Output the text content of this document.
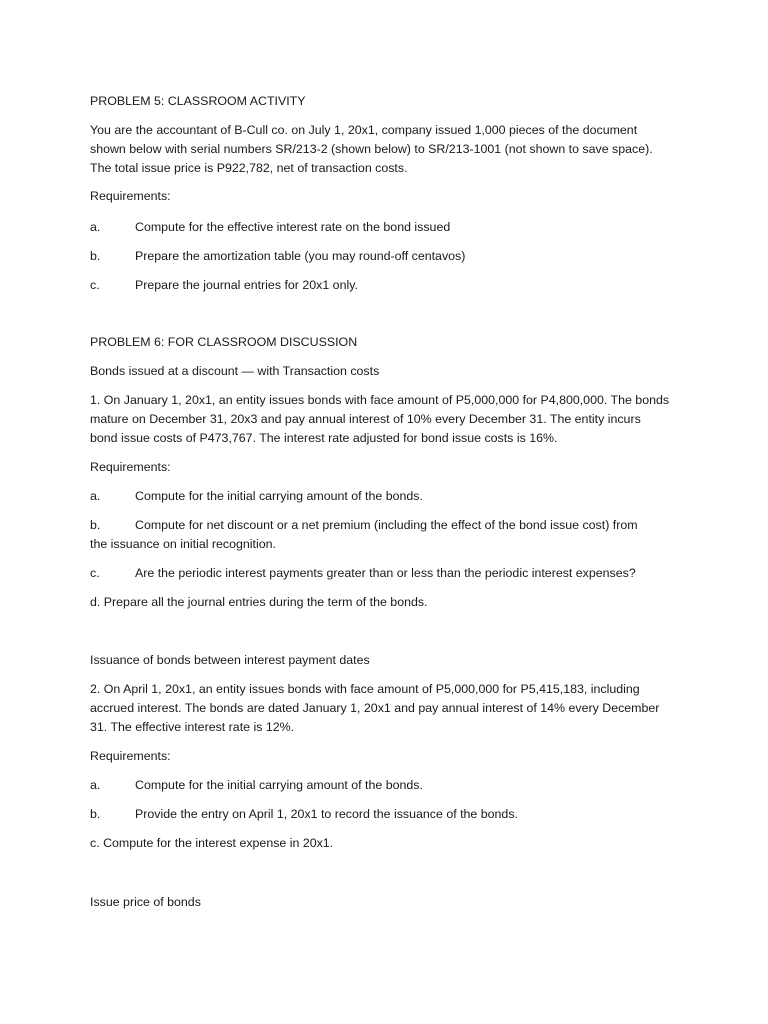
PROBLEM 5: CLASSROOM ACTIVITY

You are the accountant of B-Cull co. on July 1, 20x1, company issued 1,000 pieces of the document
shown below with serial numbers SR/213-2 (shown below) to SR/213-1001 (not shown to save space).
The total issue price is P922,782, net of transaction costs.

Requirements:

a.	Compute for the effective interest rate on the bond issued

b.	Prepare the amortization table (you may round-off centavos)

c.	Prepare the journal entries for 20x1 only.

PROBLEM 6: FOR CLASSROOM DISCUSSION

Bonds issued at a discount — with Transaction costs

1. On January 1, 20x1, an entity issues bonds with face amount of P5,000,000 for P4,800,000. The bonds
mature on December 31, 20x3 and pay annual interest of 10% every December 31. The entity incurs
bond issue costs of P473,767. The interest rate adjusted for bond issue costs is 16%.

Requirements:

a.	Compute for the initial carrying amount of the bonds.

b.	Compute for net discount or a net premium (including the effect of the bond issue cost) from
the issuance on initial recognition.

c.	Are the periodic interest payments greater than or less than the periodic interest expenses?

d. Prepare all the journal entries during the term of the bonds.

Issuance of bonds between interest payment dates

2. On April 1, 20x1, an entity issues bonds with face amount of P5,000,000 for P5,415,183, including
accrued interest. The bonds are dated January 1, 20x1 and pay annual interest of 14% every December
31. The effective interest rate is 12%.

Requirements:

a.	Compute for the initial carrying amount of the bonds.

b.	Provide the entry on April 1, 20x1 to record the issuance of the bonds.

c. Compute for the interest expense in 20x1.

Issue price of bonds
